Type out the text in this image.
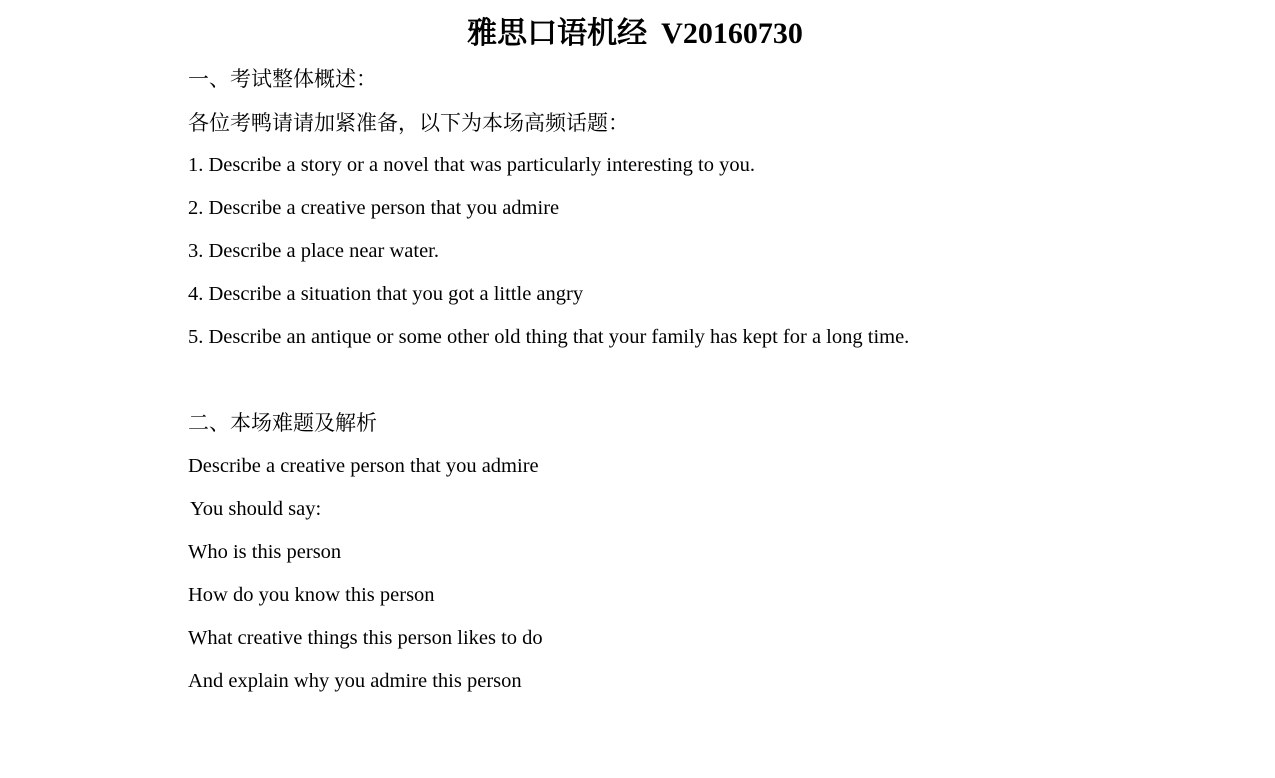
雅思口语机经 V20160730
一、考试整体概述：
各位考鸭请请加紧准备，以下为本场高频话题：
1. Describe a story or a novel that was particularly interesting to you.
2. Describe a creative person that you admire
3. Describe a place near water.
4. Describe a situation that you got a little angry
5. Describe an antique or some other old thing that your family has kept for a long time.
二、本场难题及解析
Describe a creative person that you admire
You should say:
Who is this person
How do you know this person
What creative things this person likes to do
And explain why you admire this person
